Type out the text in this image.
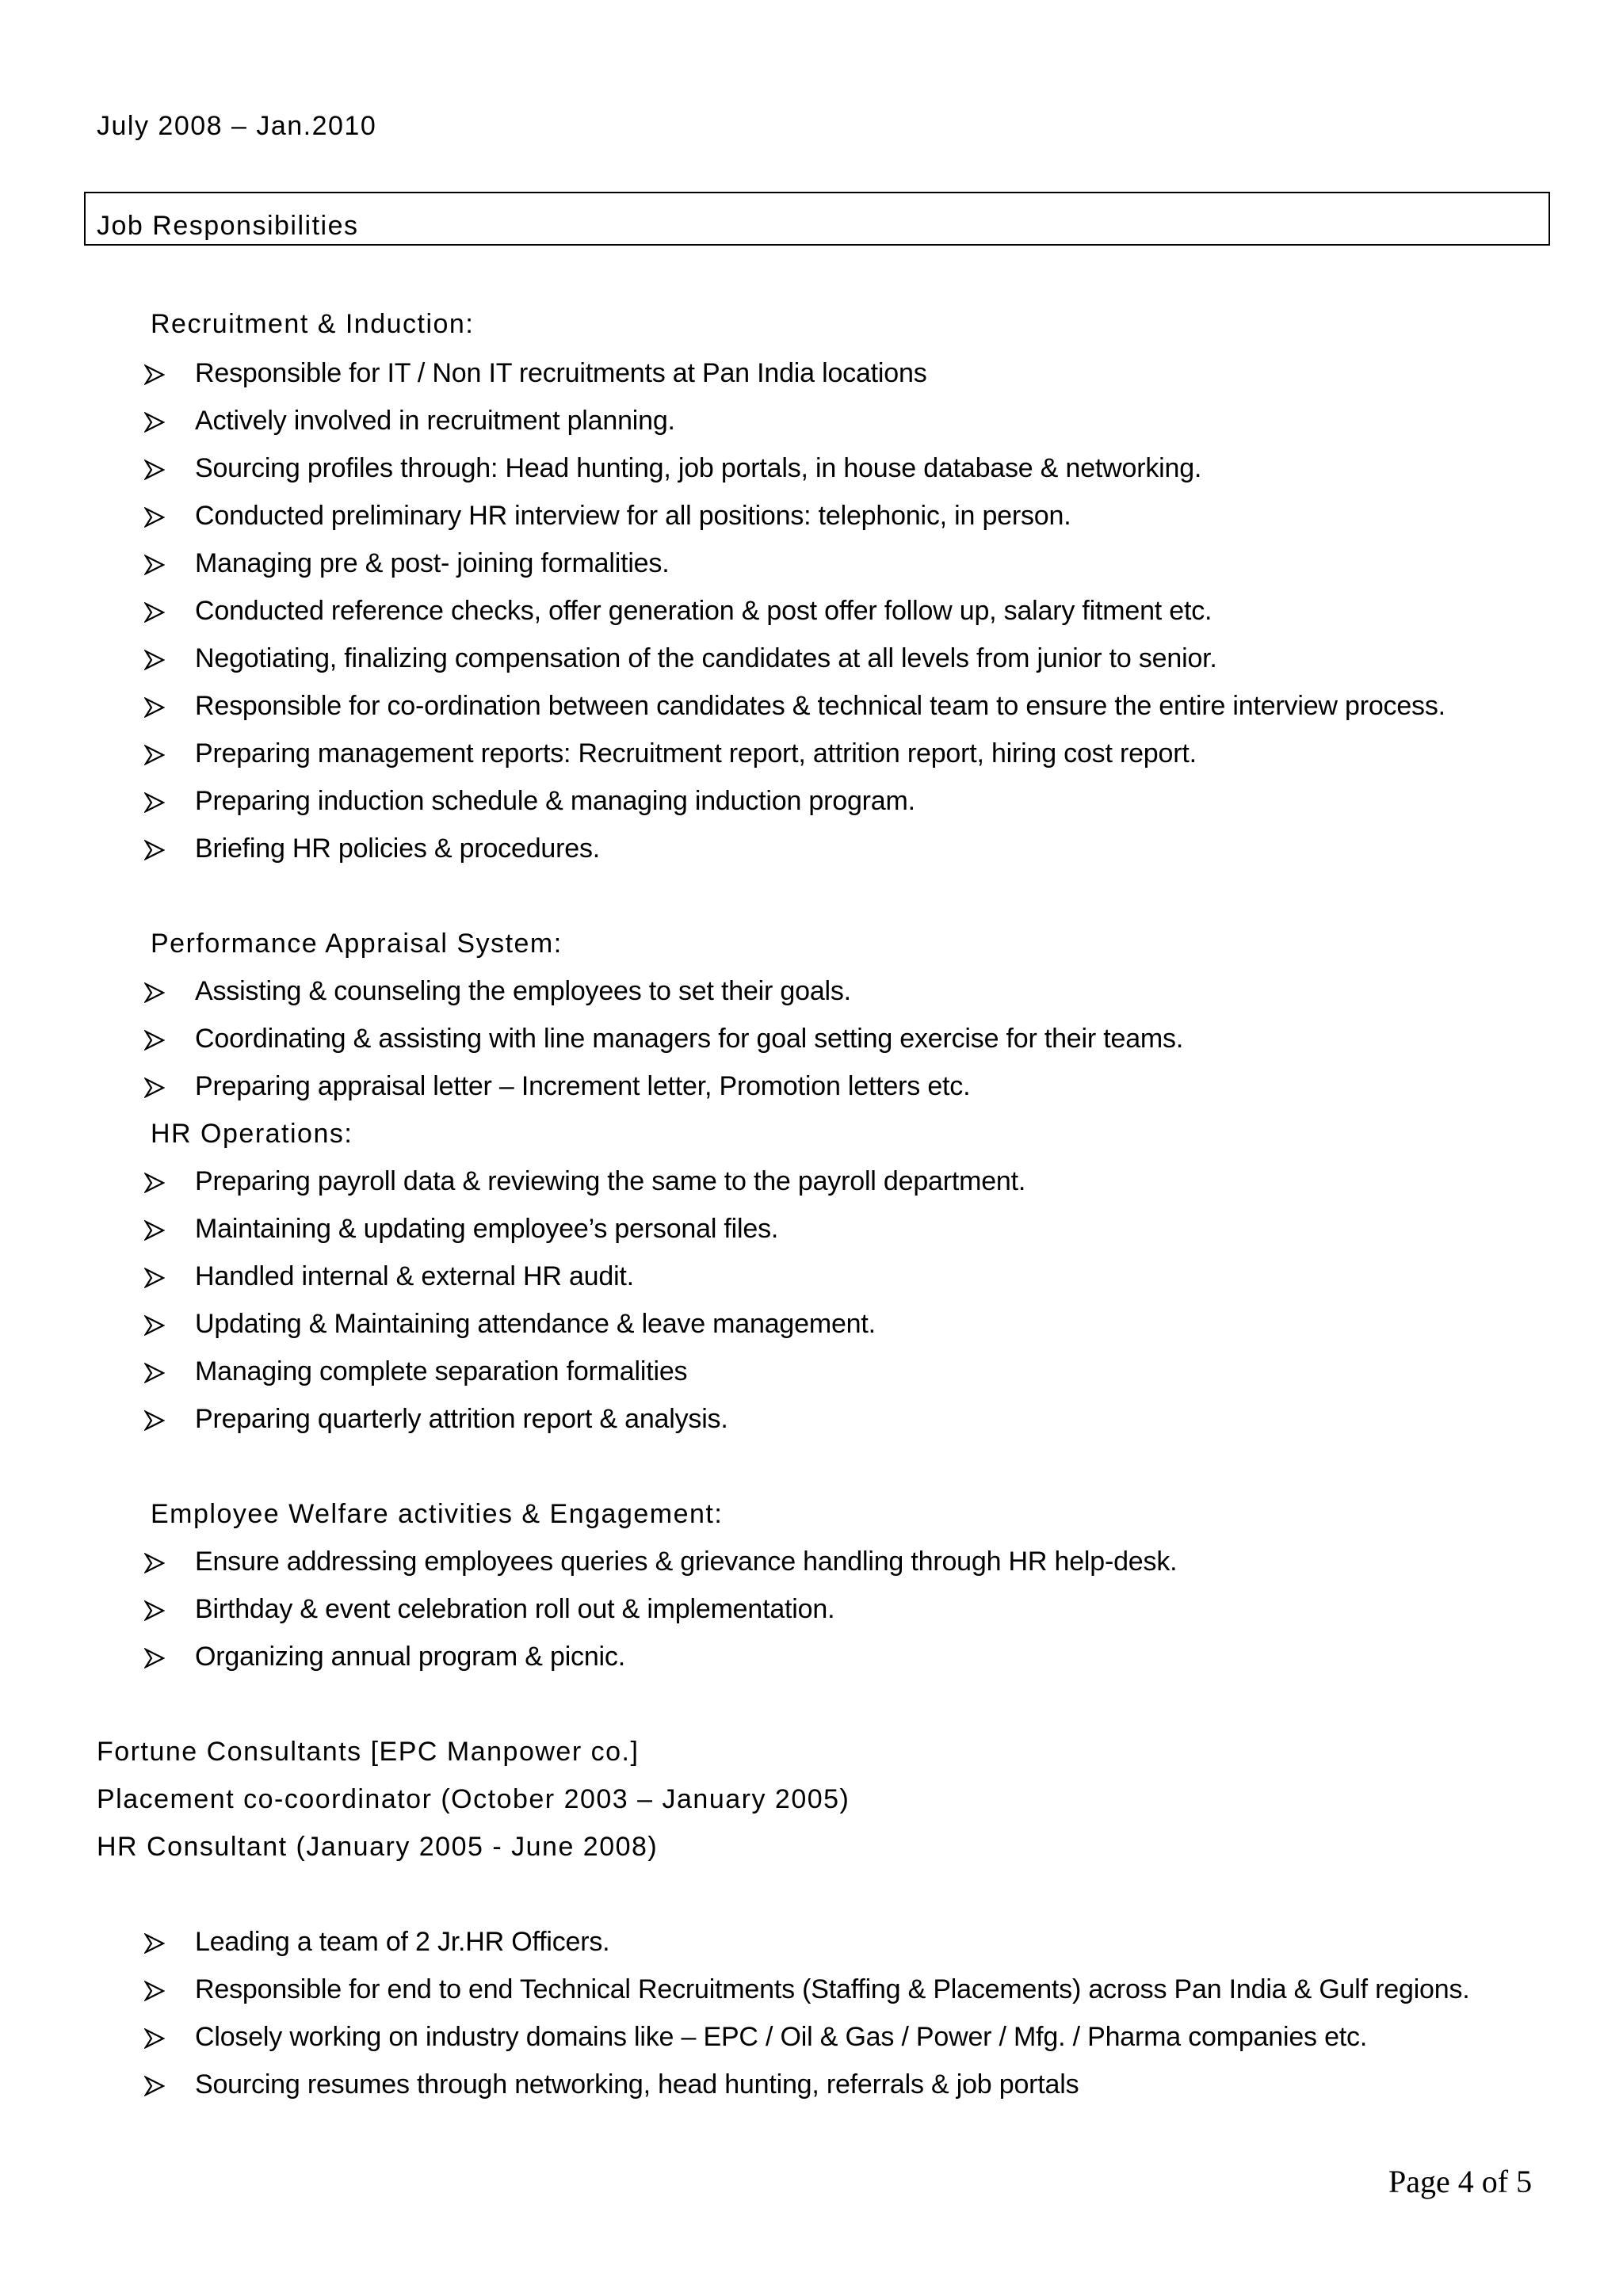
July 2008 – Jan.2010
Job Responsibilities
Recruitment & Induction:
Responsible for IT / Non IT recruitments at Pan India locations
Actively involved in recruitment planning.
Sourcing profiles through: Head hunting, job portals, in house database & networking.
Conducted preliminary HR interview for all positions: telephonic, in person.
Managing pre & post- joining formalities.
Conducted reference checks, offer generation & post offer follow up, salary fitment etc.
Negotiating, finalizing compensation of the candidates at all levels from junior to senior.
Responsible for co-ordination between candidates & technical team to ensure the entire interview process.
Preparing management reports: Recruitment report, attrition report, hiring cost report.
Preparing induction schedule & managing induction program.
Briefing HR policies & procedures.
Performance Appraisal System:
Assisting & counseling the employees to set their goals.
Coordinating & assisting with line managers for goal setting exercise for their teams.
Preparing appraisal letter – Increment letter, Promotion letters etc.
HR Operations:
Preparing payroll data & reviewing the same to the payroll department.
Maintaining & updating employee’s personal files.
Handled internal & external HR audit.
Updating & Maintaining attendance & leave management.
Managing complete separation formalities
Preparing quarterly attrition report & analysis.
Employee Welfare activities & Engagement:
Ensure addressing employees queries & grievance handling through HR help-desk.
Birthday & event celebration roll out & implementation.
Organizing annual program & picnic.
Fortune Consultants [EPC Manpower co.]
Placement co-coordinator (October 2003 – January 2005)
HR Consultant (January 2005 - June 2008)
Leading a team of 2 Jr.HR Officers.
Responsible for end to end Technical Recruitments (Staffing & Placements) across Pan India & Gulf regions.
Closely working on industry domains like – EPC / Oil & Gas / Power / Mfg. / Pharma companies etc.
Sourcing resumes through networking, head hunting, referrals & job portals
Page 4 of 5
